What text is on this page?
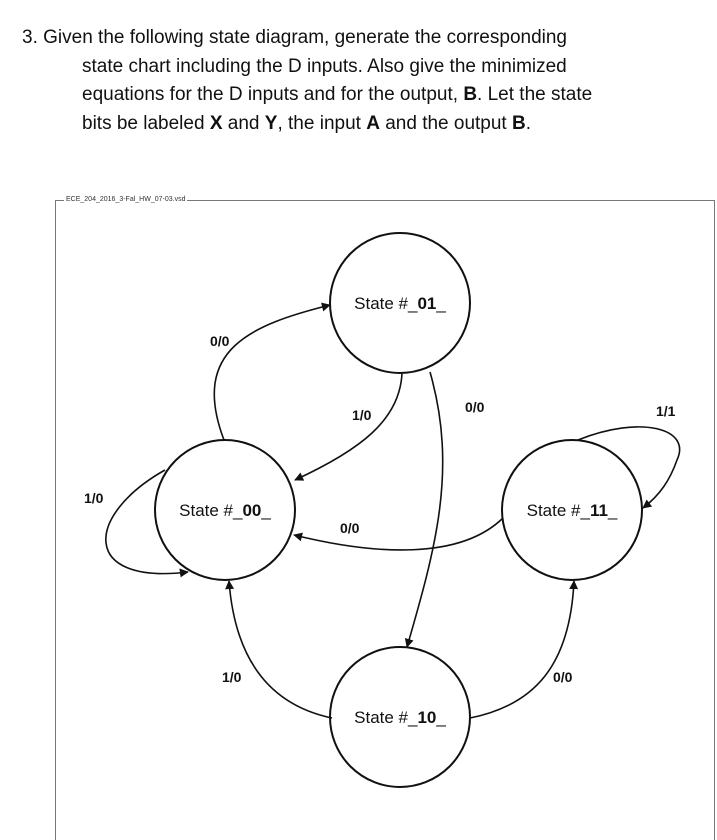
3. Given the following state diagram, generate the corresponding
state chart including the D inputs. Also give the minimized
equations for the D inputs and for the output, B. Let the state
bits be labeled X and Y, the input A and the output B.
ECE_204_2016_3-Fal_HW_07-03.vsd
State #_00_
State #_01_
State #_10_
State #_11_
0/0
1/0	0/0
1/0
0/0
1/1
1/0	0/0
